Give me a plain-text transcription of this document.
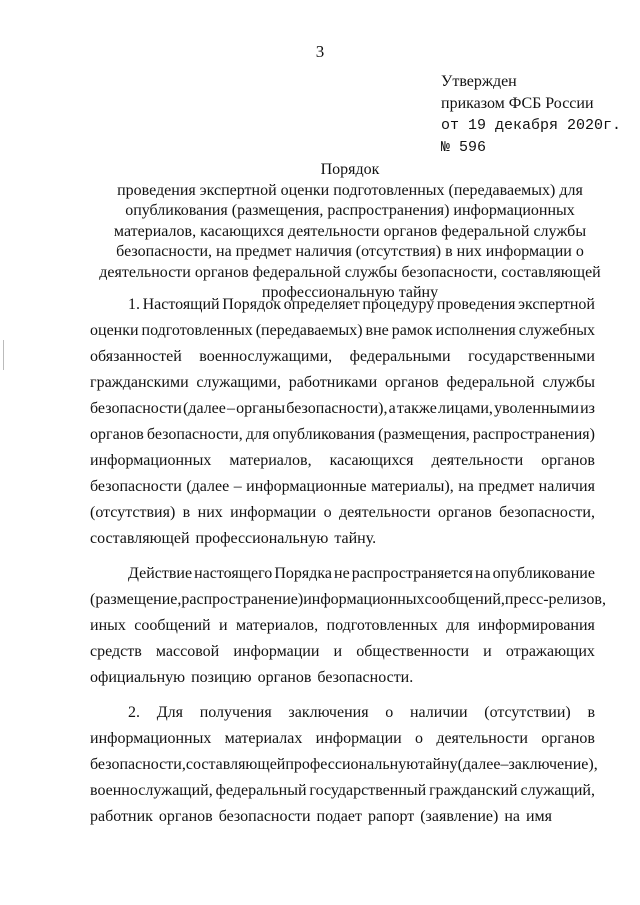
3
Утвержден
приказом ФСБ России
от 19 декабря 2020г.
№ 596
Порядок
проведения экспертной оценки подготовленных (передаваемых) для
опубликования (размещения, распространения) информационных
материалов, касающихся деятельности органов федеральной службы
безопасности, на предмет наличия (отсутствия) в них информации о
деятельности органов федеральной службы безопасности, составляющей
профессиональную тайну
1. Настоящий Порядок определяет процедуру проведения экспертной
оценки подготовленных (передаваемых) вне рамок исполнения служебных
обязанностей военнослужащими, федеральными государственными
гражданскими служащими, работниками органов федеральной службы
безопасности (далее – органы безопасности), а также лицами, уволенными из
органов безопасности, для опубликования (размещения, распространения)
информационных материалов, касающихся деятельности органов
безопасности (далее – информационные материалы), на предмет наличия
(отсутствия) в них информации о деятельности органов безопасности,
составляющей профессиональную тайну.
Действие настоящего Порядка не распространяется на опубликование
(размещение, распространение) информационных сообщений, пресс-релизов,
иных сообщений и материалов, подготовленных для информирования
средств массовой информации и общественности и отражающих
официальную позицию органов безопасности.
2. Для получения заключения о наличии (отсутствии) в
информационных материалах информации о деятельности органов
безопасности, составляющей профессиональную тайну (далее – заключение),
военнослужащий, федеральный государственный гражданский служащий,
работник органов безопасности подает рапорт (заявление) на имя
